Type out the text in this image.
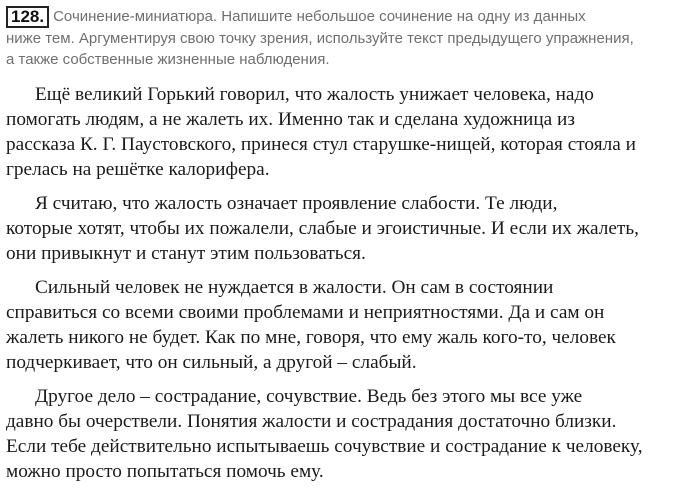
128. Сочинение-миниатюра. Напишите небольшое сочинение на одну из данных
ниже тем. Аргументируя свою точку зрения, используйте текст предыдущего упражнения,
а также собственные жизненные наблюдения.
Ещё великий Горький говорил, что жалость унижает человека, надо
помогать людям, а не жалеть их. Именно так и сделана художница из
рассказа К. Г. Паустовского, принеся стул старушке-нищей, которая стояла и
грелась на решётке калорифера.
Я считаю, что жалость означает проявление слабости. Те люди,
которые хотят, чтобы их пожалели, слабые и эгоистичные. И если их жалеть,
они привыкнут и станут этим пользоваться.
Сильный человек не нуждается в жалости. Он сам в состоянии
справиться со всеми своими проблемами и неприятностями. Да и сам он
жалеть никого не будет. Как по мне, говоря, что ему жаль кого-то, человек
подчеркивает, что он сильный, а другой – слабый.
Другое дело – сострадание, сочувствие. Ведь без этого мы все уже
давно бы очерствели. Понятия жалости и сострадания достаточно близки.
Если тебе действительно испытываешь сочувствие и сострадание к человеку,
можно просто попытаться помочь ему.
